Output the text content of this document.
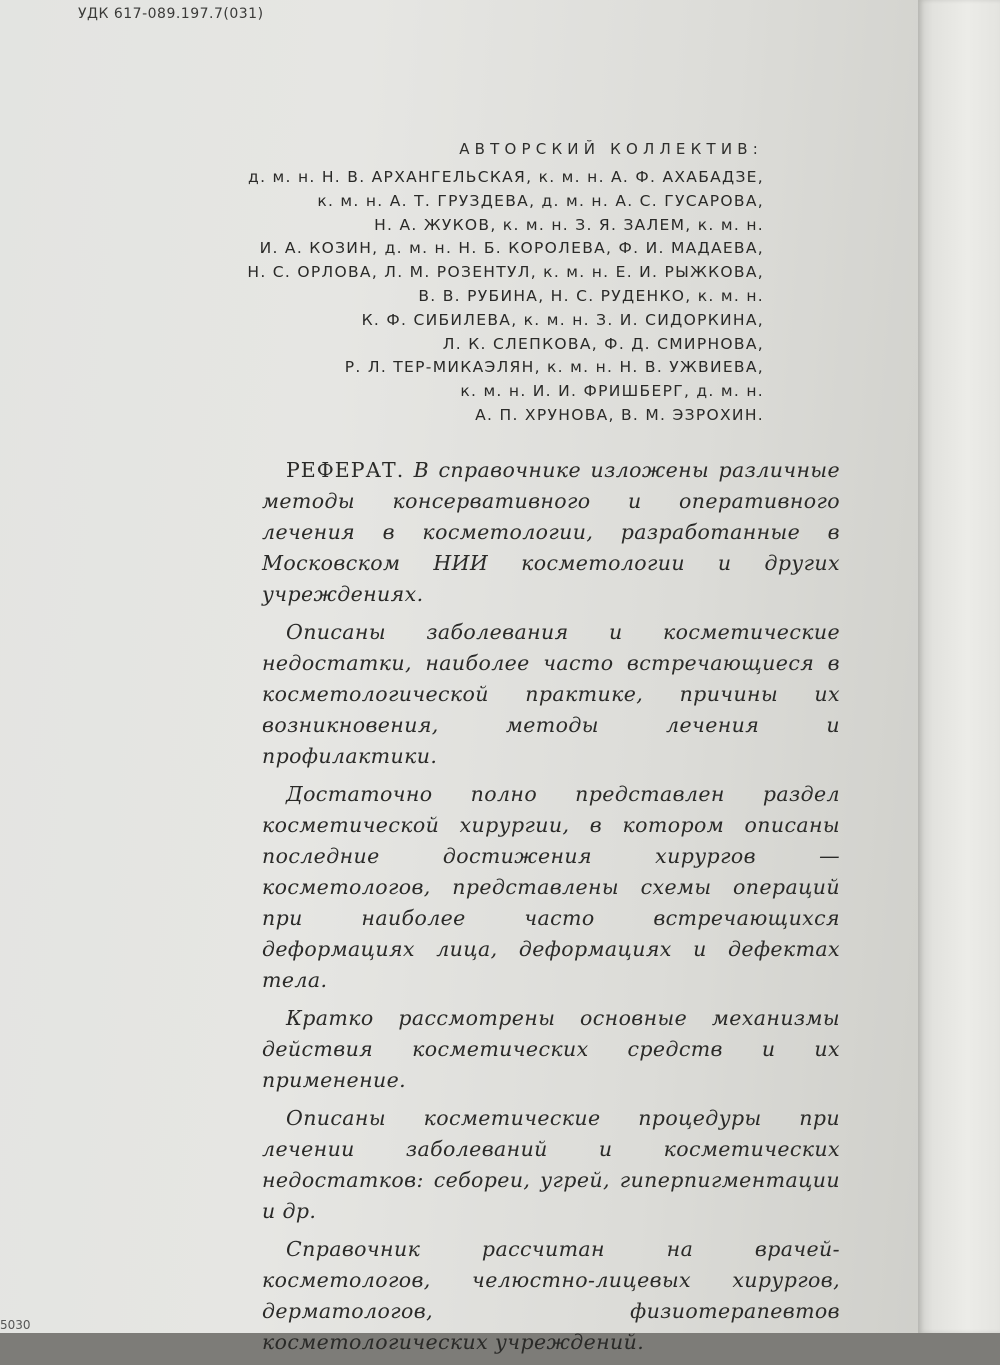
УДК 617-089.197.7(031)
АВТОРСКИЙ КОЛЛЕКТИВ:
д. м. н. Н. В. АРХАНГЕЛЬСКАЯ, к. м. н. А. Ф. АХАБАДЗЕ,
к. м. н. А. Т. ГРУЗДЕВА, д. м. н. А. С. ГУСАРОВА,
Н. А. ЖУКОВ, к. м. н. З. Я. ЗАЛЕМ, к. м. н.
И. А. КОЗИН, д. м. н. Н. Б. КОРОЛЕВА, Ф. И. МАДАЕВА,
Н. С. ОРЛОВА, Л. М. РОЗЕНТУЛ, к. м. н. Е. И. РЫЖКОВА,
В. В. РУБИНА, Н. С. РУДЕНКО, к. м. н.
К. Ф. СИБИЛЕВА, к. м. н. З. И. СИДОРКИНА,
Л. К. СЛЕПКОВА, Ф. Д. СМИРНОВА,
Р. Л. ТЕР-МИКАЭЛЯН, к. м. н. Н. В. УЖВИЕВА,
к. м. н. И. И. ФРИШБЕРГ, д. м. н.
А. П. ХРУНОВА, В. М. ЭЗРОХИН.

РЕФЕРАТ. В справочнике изложены различные методы консервативного и оперативного лечения в косметологии, разработанные в Московском НИИ косметологии и других учреждениях.

Описаны заболевания и косметические недостатки, наиболее часто встречающиеся в косметологической практике, причины их возникновения, методы лечения и профилактики.

Достаточно полно представлен раздел косметической хирургии, в котором описаны последние достижения хирургов — косметологов, представлены схемы операций при наиболее часто встречающихся деформациях лица, деформациях и дефектах тела.

Кратко рассмотрены основные механизмы действия косметических средств и их применение.

Описаны косметические процедуры при лечении заболеваний и косметических недостатков: себореи, угрей, гиперпигментации и др.

Справочник рассчитан на врачей-косметологов, челюстно-лицевых хирургов, дерматологов, физиотерапевтов косметологических учреждений.

5030
